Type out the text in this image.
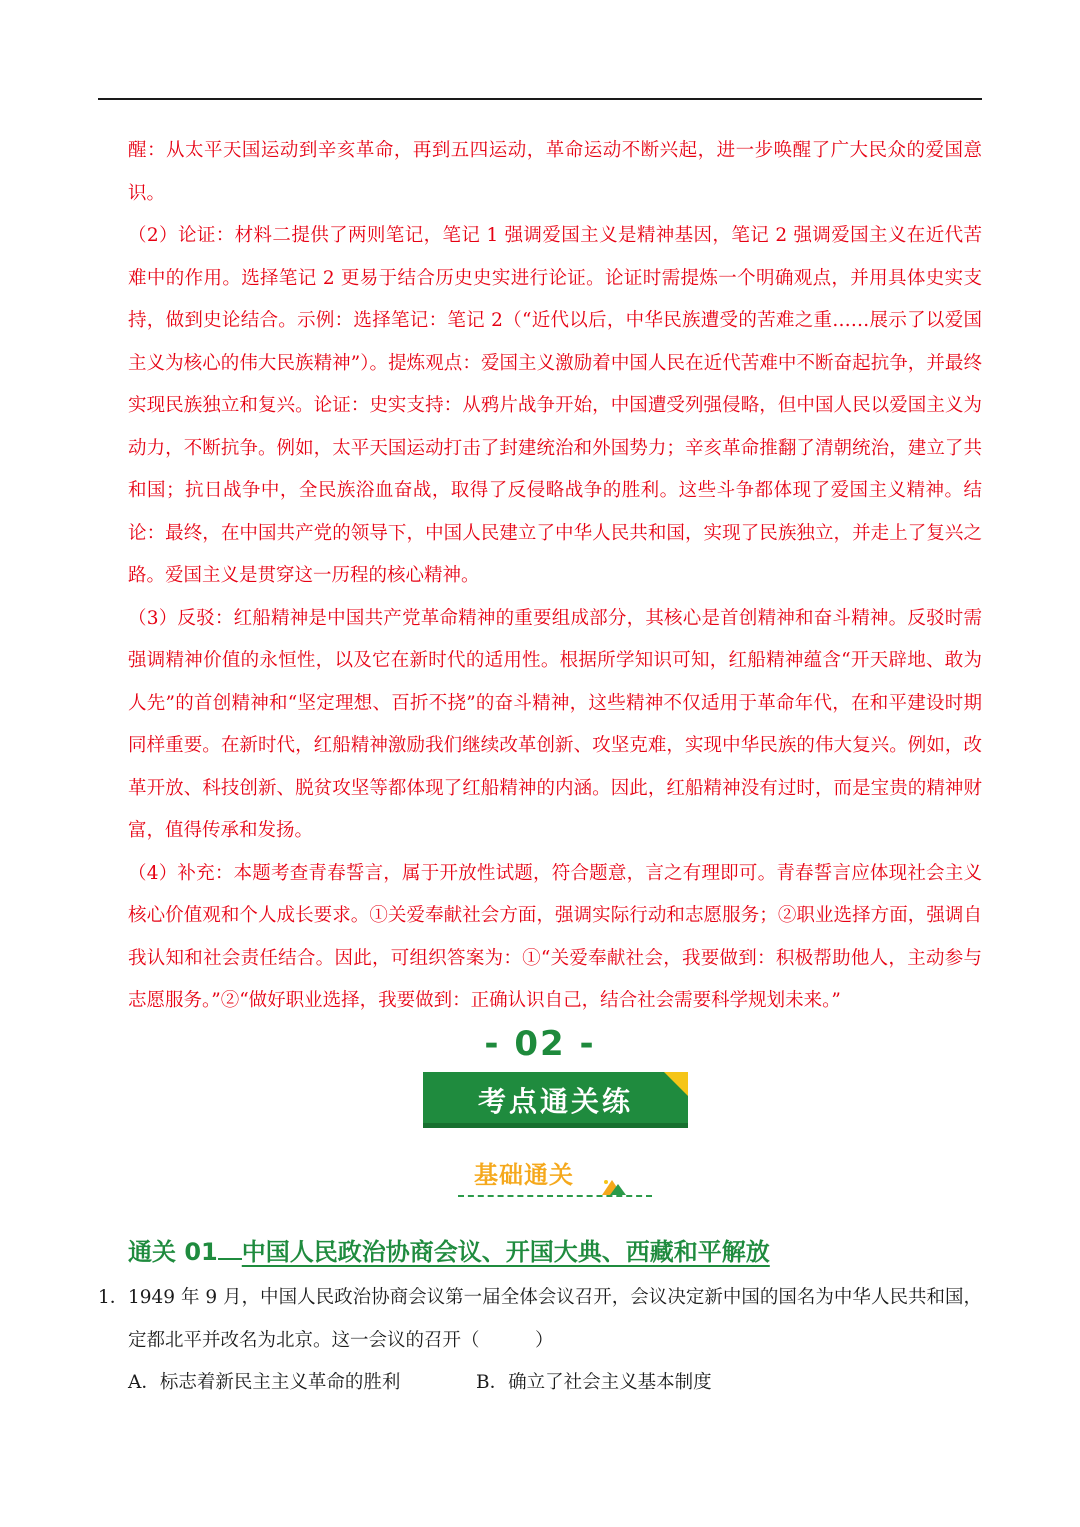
醒：从太平天国运动到辛亥革命，再到五四运动，革命运动不断兴起，进一步唤醒了广大民众的爱国意识。

（2）论证：材料二提供了两则笔记，笔记 1 强调爱国主义是精神基因，笔记 2 强调爱国主义在近代苦难中的作用。选择笔记 2 更易于结合历史史实进行论证。论证时需提炼一个明确观点，并用具体史实支持，做到史论结合。示例：选择笔记：笔记 2（“近代以后，中华民族遭受的苦难之重……展示了以爱国主义为核心的伟大民族精神”）。提炼观点：爱国主义激励着中国人民在近代苦难中不断奋起抗争，并最终实现民族独立和复兴。论证：史实支持：从鸦片战争开始，中国遭受列强侵略，但中国人民以爱国主义为动力，不断抗争。例如，太平天国运动打击了封建统治和外国势力；辛亥革命推翻了清朝统治，建立了共和国；抗日战争中，全民族浴血奋战，取得了反侵略战争的胜利。这些斗争都体现了爱国主义精神。结论：最终，在中国共产党的领导下，中国人民建立了中华人民共和国，实现了民族独立，并走上了复兴之路。爱国主义是贯穿这一历程的核心精神。

（3）反驳：红船精神是中国共产党革命精神的重要组成部分，其核心是首创精神和奋斗精神。反驳时需强调精神价值的永恒性，以及它在新时代的适用性。根据所学知识可知，红船精神蕴含“开天辟地、敢为人先”的首创精神和“坚定理想、百折不挠”的奋斗精神，这些精神不仅适用于革命年代，在和平建设时期同样重要。在新时代，红船精神激励我们继续改革创新、攻坚克难，实现中华民族的伟大复兴。例如，改革开放、科技创新、脱贫攻坚等都体现了红船精神的内涵。因此，红船精神没有过时，而是宝贵的精神财富，值得传承和发扬。

（4）补充：本题考查青春誓言，属于开放性试题，符合题意，言之有理即可。青春誓言应体现社会主义核心价值观和个人成长要求。①关爱奉献社会方面，强调实际行动和志愿服务；②职业选择方面，强调自我认知和社会责任结合。因此，可组织答案为：①“关爱奉献社会，我要做到：积极帮助他人，主动参与志愿服务。”②“做好职业选择，我要做到：正确认识自己，结合社会需要科学规划未来。”

- 02 -
考点通关练
基础通关
通关 01 中国人民政治协商会议、开国大典、西藏和平解放
1． 1949 年 9 月，中国人民政治协商会议第一届全体会议召开，会议决定新中国的国名为中华人民共和国，定都北平并改名为北京。这一会议的召开（　　　）
A．标志着新民主主义革命的胜利	B．确立了社会主义基本制度
